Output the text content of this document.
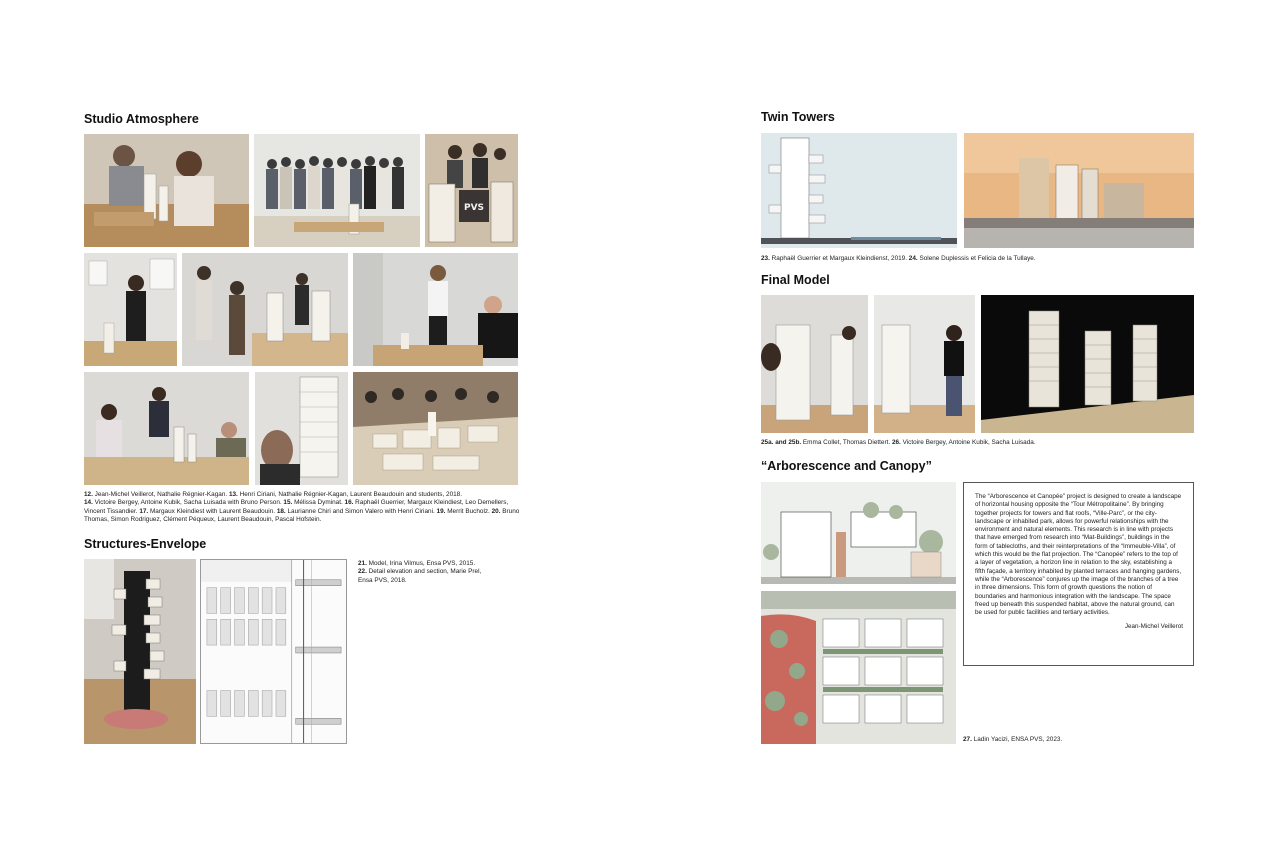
Studio Atmosphere
PVS
12. Jean-Michel Veillerot, Nathalie Régnier-Kagan. 13. Henri Ciriani, Nathalie Régnier-Kagan, Laurent Beaudouin and students, 2018.
14. Victoire Bergey, Antoine Kubik, Sacha Luisada with Bruno Person. 15. Mélissa Dyminat. 16. Raphaël Guerrier, Margaux Kleindiest, Leo Demellers, Vincent Tissandier. 17. Margaux Kleindiest with Laurent Beaudouin. 18. Laurianne Chiri and Simon Valero with Henri Ciriani. 19. Merrit Bucholz. 20. Bruno Thomas, Simon Rodriguez, Clément Péqueux, Laurent Beaudouin, Pascal Hofstein.
Structures-Envelope
21. Model, Irina Vilmus, Ensa PVS, 2015.
22. Detail elevation and section, Marie Prel, Ensa PVS, 2018.
Twin Towers
23. Raphaël Guerrier et Margaux Kleindienst, 2019. 24. Solene Duplessis et Felicia de la Tullaye.
Final Model
25a. and 25b. Emma Collet, Thomas Diettert. 26. Victoire Bergey, Antoine Kubik, Sacha Luisada.
“Arborescence and Canopy”
The “Arborescence et Canopée” project is designed to create a landscape of horizontal housing opposite the “Tour Métropolitaine”. By bringing together projects for towers and flat roofs, “Ville-Parc”, or the city-landscape or inhabited park, allows for powerful relationships with the environment and natural elements. This research is in line with projects that have emerged from research into “Mat-Buildings”, buildings in the form of tablecloths, and their reinterpretations of the “Immeuble-Villa”, of which this would be the flat projection. The “Canopée” refers to the top of a layer of vegetation, a horizon line in relation to the sky, establishing a fifth façade, a territory inhabited by planted terraces and hanging gardens, while the “Arborescence” conjures up the image of the branches of a tree in three dimensions. This form of growth questions the notion of boundaries and harmonious integration with the landscape. The space freed up beneath this suspended habitat, above the natural ground, can be used for public facilities and tertiary activities.
Jean-Michel Veillerot
27. Ladin Yacizi, ENSA PVS, 2023.
